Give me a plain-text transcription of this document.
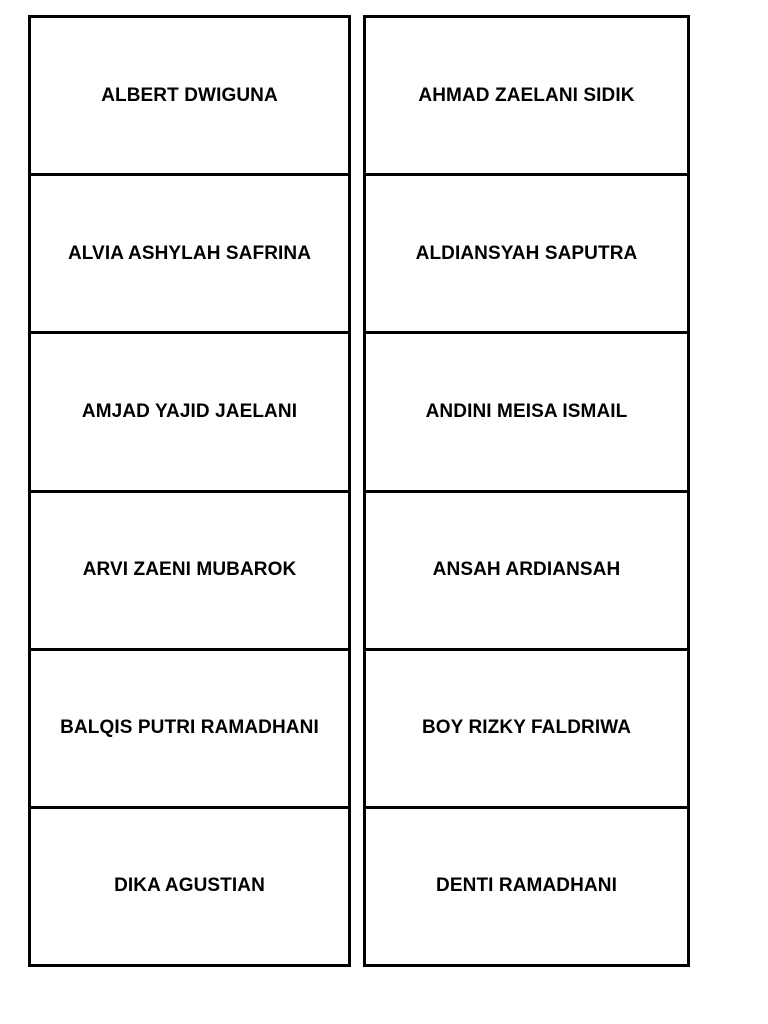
ALBERT DWIGUNA
ALVIA ASHYLAH SAFRINA
AMJAD YAJID JAELANI
ARVI ZAENI MUBAROK
BALQIS PUTRI RAMADHANI
DIKA AGUSTIAN
AHMAD ZAELANI SIDIK
ALDIANSYAH SAPUTRA
ANDINI MEISA ISMAIL
ANSAH ARDIANSAH
BOY RIZKY FALDRIWA
DENTI RAMADHANI
